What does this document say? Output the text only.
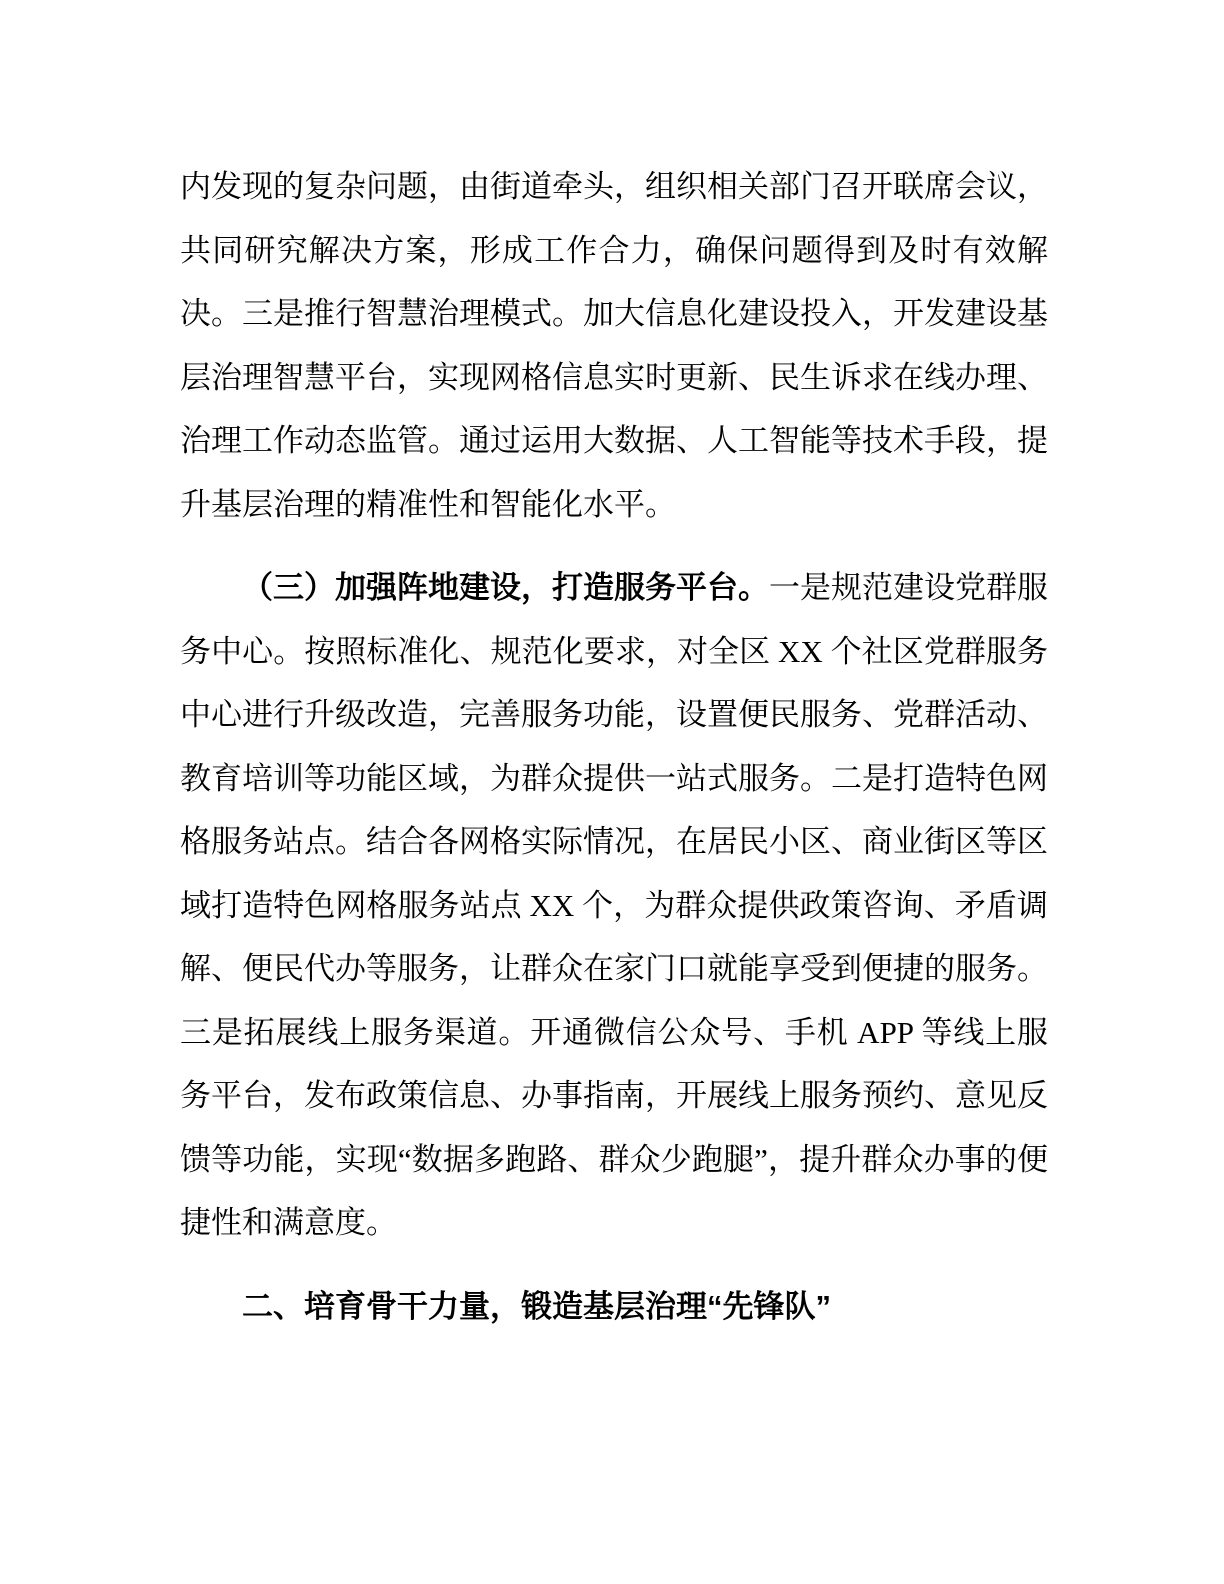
内发现的复杂问题，由街道牵头，组织相关部门召开联席会议，共同研究解决方案，形成工作合力，确保问题得到及时有效解决。三是推行智慧治理模式。加大信息化建设投入，开发建设基层治理智慧平台，实现网格信息实时更新、民生诉求在线办理、治理工作动态监管。通过运用大数据、人工智能等技术手段，提升基层治理的精准性和智能化水平。

（三）加强阵地建设，打造服务平台。一是规范建设党群服务中心。按照标准化、规范化要求，对全区 XX 个社区党群服务中心进行升级改造，完善服务功能，设置便民服务、党群活动、教育培训等功能区域，为群众提供一站式服务。二是打造特色网格服务站点。结合各网格实际情况，在居民小区、商业街区等区域打造特色网格服务站点 XX 个，为群众提供政策咨询、矛盾调解、便民代办等服务，让群众在家门口就能享受到便捷的服务。三是拓展线上服务渠道。开通微信公众号、手机 APP 等线上服务平台，发布政策信息、办事指南，开展线上服务预约、意见反馈等功能，实现“数据多跑路、群众少跑腿”，提升群众办事的便捷性和满意度。

二、培育骨干力量，锻造基层治理“先锋队”
